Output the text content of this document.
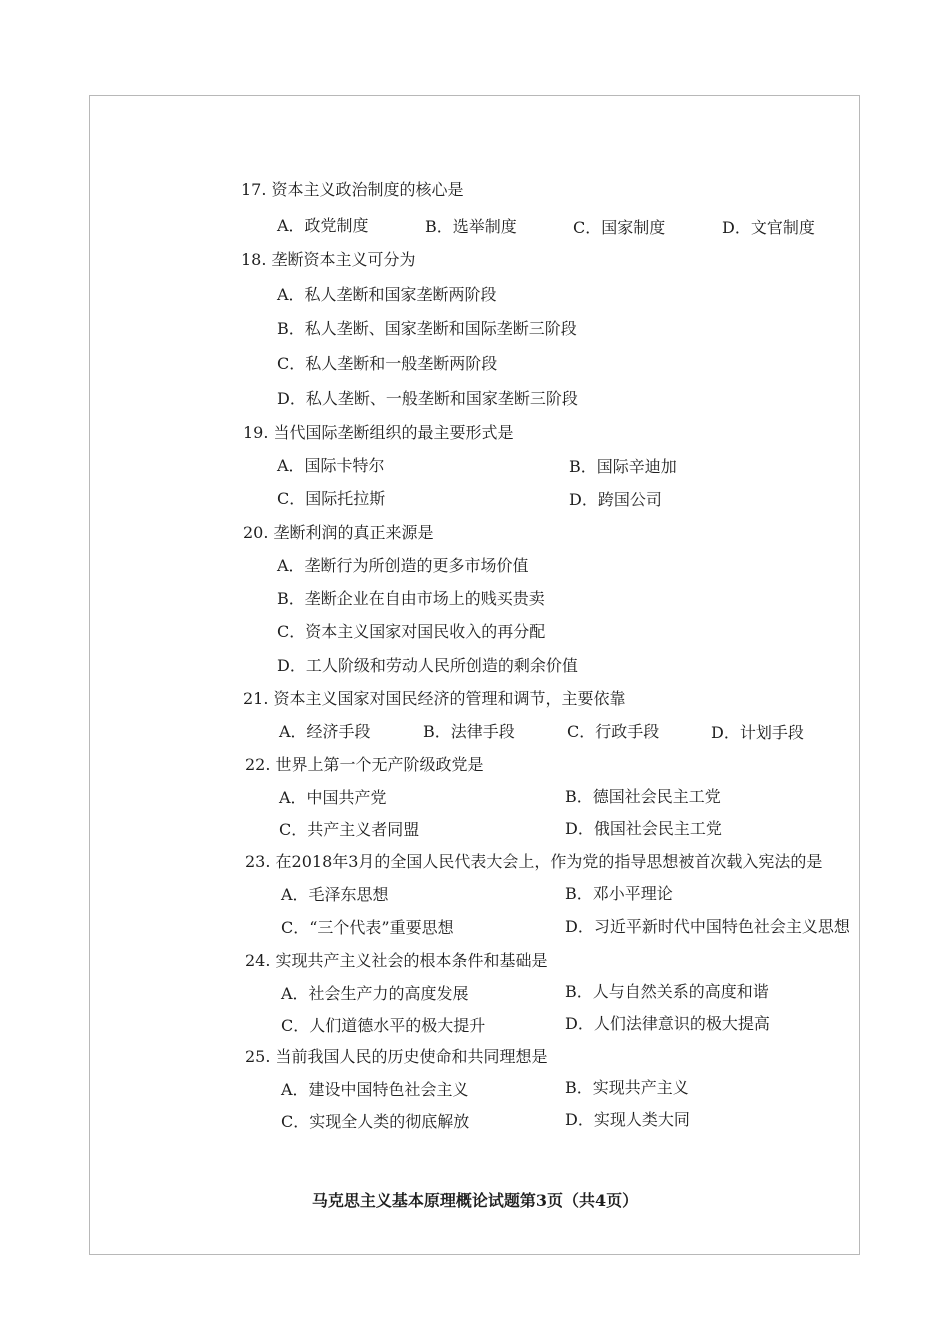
17. 资本主义政治制度的核心是
A．政党制度	B．选举制度	C．国家制度	D．文官制度
18. 垄断资本主义可分为
A．私人垄断和国家垄断两阶段
B．私人垄断、国家垄断和国际垄断三阶段
C．私人垄断和一般垄断两阶段
D．私人垄断、一般垄断和国家垄断三阶段
19. 当代国际垄断组织的最主要形式是
A．国际卡特尔	B．国际辛迪加
C．国际托拉斯	D．跨国公司
20. 垄断利润的真正来源是
A．垄断行为所创造的更多市场价值
B．垄断企业在自由市场上的贱买贵卖
C．资本主义国家对国民收入的再分配
D．工人阶级和劳动人民所创造的剩余价值
21. 资本主义国家对国民经济的管理和调节，主要依靠
A．经济手段	B．法律手段	C．行政手段	D．计划手段
22. 世界上第一个无产阶级政党是
A．中国共产党	B．德国社会民主工党
C．共产主义者同盟	D．俄国社会民主工党
23. 在2018年3月的全国人民代表大会上，作为党的指导思想被首次载入宪法的是
A．毛泽东思想	B．邓小平理论
C．“三个代表”重要思想	D．习近平新时代中国特色社会主义思想
24. 实现共产主义社会的根本条件和基础是
A．社会生产力的高度发展	B．人与自然关系的高度和谐
C．人们道德水平的极大提升	D．人们法律意识的极大提高
25. 当前我国人民的历史使命和共同理想是
A．建设中国特色社会主义	B．实现共产主义
C．实现全人类的彻底解放	D．实现人类大同
马克思主义基本原理概论试题第3页（共4页）
